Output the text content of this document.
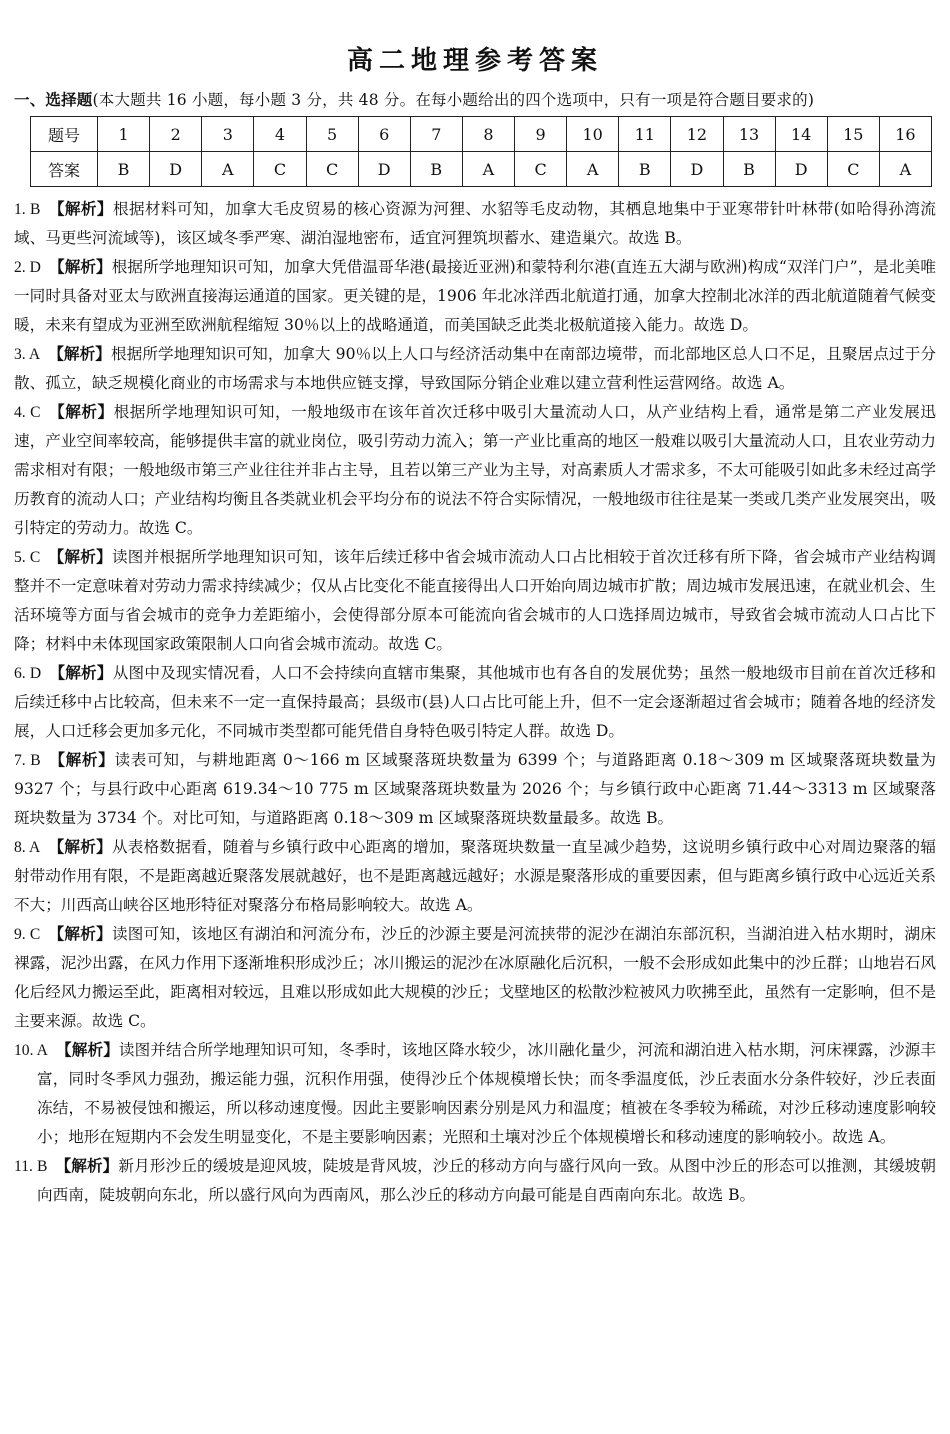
高二地理参考答案
一、选择题(本大题共 16 小题，每小题 3 分，共 48 分。在每小题给出的四个选项中，只有一项是符合题目要求的)
题号	1	2	3	4	5	6	7	8	9	10	11	12	13	14	15	16
答案	B	D	A	C	C	D	B	A	C	A	B	D	B	D	C	A

1. B 【解析】根据材料可知，加拿大毛皮贸易的核心资源为河狸、水貂等毛皮动物，其栖息地集中于亚寒带针叶林带(如哈得孙湾流域、马更些河流域等)，该区域冬季严寒、湖泊湿地密布，适宜河狸筑坝蓄水、建造巢穴。故选 B。

2. D 【解析】根据所学地理知识可知，加拿大凭借温哥华港(最接近亚洲)和蒙特利尔港(直连五大湖与欧洲)构成“双洋门户”，是北美唯一同时具备对亚太与欧洲直接海运通道的国家。更关键的是，1906 年北冰洋西北航道打通，加拿大控制北冰洋的西北航道随着气候变暖，未来有望成为亚洲至欧洲航程缩短 30％以上的战略通道，而美国缺乏此类北极航道接入能力。故选 D。

3. A 【解析】根据所学地理知识可知，加拿大 90％以上人口与经济活动集中在南部边境带，而北部地区总人口不足，且聚居点过于分散、孤立，缺乏规模化商业的市场需求与本地供应链支撑，导致国际分销企业难以建立营利性运营网络。故选 A。

4. C 【解析】根据所学地理知识可知，一般地级市在该年首次迁移中吸引大量流动人口，从产业结构上看，通常是第二产业发展迅速，产业空间率较高，能够提供丰富的就业岗位，吸引劳动力流入；第一产业比重高的地区一般难以吸引大量流动人口，且农业劳动力需求相对有限；一般地级市第三产业往往并非占主导，且若以第三产业为主导，对高素质人才需求多，不太可能吸引如此多未经过高学历教育的流动人口；产业结构均衡且各类就业机会平均分布的说法不符合实际情况，一般地级市往往是某一类或几类产业发展突出，吸引特定的劳动力。故选 C。

5. C 【解析】读图并根据所学地理知识可知，该年后续迁移中省会城市流动人口占比相较于首次迁移有所下降，省会城市产业结构调整并不一定意味着对劳动力需求持续减少；仅从占比变化不能直接得出人口开始向周边城市扩散；周边城市发展迅速，在就业机会、生活环境等方面与省会城市的竞争力差距缩小，会使得部分原本可能流向省会城市的人口选择周边城市，导致省会城市流动人口占比下降；材料中未体现国家政策限制人口向省会城市流动。故选 C。

6. D 【解析】从图中及现实情况看，人口不会持续向直辖市集聚，其他城市也有各自的发展优势；虽然一般地级市目前在首次迁移和后续迁移中占比较高，但未来不一定一直保持最高；县级市(县)人口占比可能上升，但不一定会逐渐超过省会城市；随着各地的经济发展，人口迁移会更加多元化，不同城市类型都可能凭借自身特色吸引特定人群。故选 D。

7. B 【解析】读表可知，与耕地距离 0～166 m 区域聚落斑块数量为 6399 个；与道路距离 0.18～309 m 区域聚落斑块数量为 9327 个；与县行政中心距离 619.34～10 775 m 区域聚落斑块数量为 2026 个；与乡镇行政中心距离 71.44～3313 m 区域聚落斑块数量为 3734 个。对比可知，与道路距离 0.18～309 m 区域聚落斑块数量最多。故选 B。

8. A 【解析】从表格数据看，随着与乡镇行政中心距离的增加，聚落斑块数量一直呈减少趋势，这说明乡镇行政中心对周边聚落的辐射带动作用有限，不是距离越近聚落发展就越好，也不是距离越远越好；水源是聚落形成的重要因素，但与距离乡镇行政中心远近关系不大；川西高山峡谷区地形特征对聚落分布格局影响较大。故选 A。

9. C 【解析】读图可知，该地区有湖泊和河流分布，沙丘的沙源主要是河流挟带的泥沙在湖泊东部沉积，当湖泊进入枯水期时，湖床裸露，泥沙出露，在风力作用下逐渐堆积形成沙丘；冰川搬运的泥沙在冰原融化后沉积，一般不会形成如此集中的沙丘群；山地岩石风化后经风力搬运至此，距离相对较远，且难以形成如此大规模的沙丘；戈壁地区的松散沙粒被风力吹拂至此，虽然有一定影响，但不是主要来源。故选 C。

10. A 【解析】读图并结合所学地理知识可知，冬季时，该地区降水较少，冰川融化量少，河流和湖泊进入枯水期，河床裸露，沙源丰富，同时冬季风力强劲，搬运能力强，沉积作用强，使得沙丘个体规模增长快；而冬季温度低，沙丘表面水分条件较好，沙丘表面冻结，不易被侵蚀和搬运，所以移动速度慢。因此主要影响因素分别是风力和温度；植被在冬季较为稀疏，对沙丘移动速度影响较小；地形在短期内不会发生明显变化，不是主要影响因素；光照和土壤对沙丘个体规模增长和移动速度的影响较小。故选 A。

11. B 【解析】新月形沙丘的缓坡是迎风坡，陡坡是背风坡，沙丘的移动方向与盛行风向一致。从图中沙丘的形态可以推测，其缓坡朝向西南，陡坡朝向东北，所以盛行风向为西南风，那么沙丘的移动方向最可能是自西南向东北。故选 B。
